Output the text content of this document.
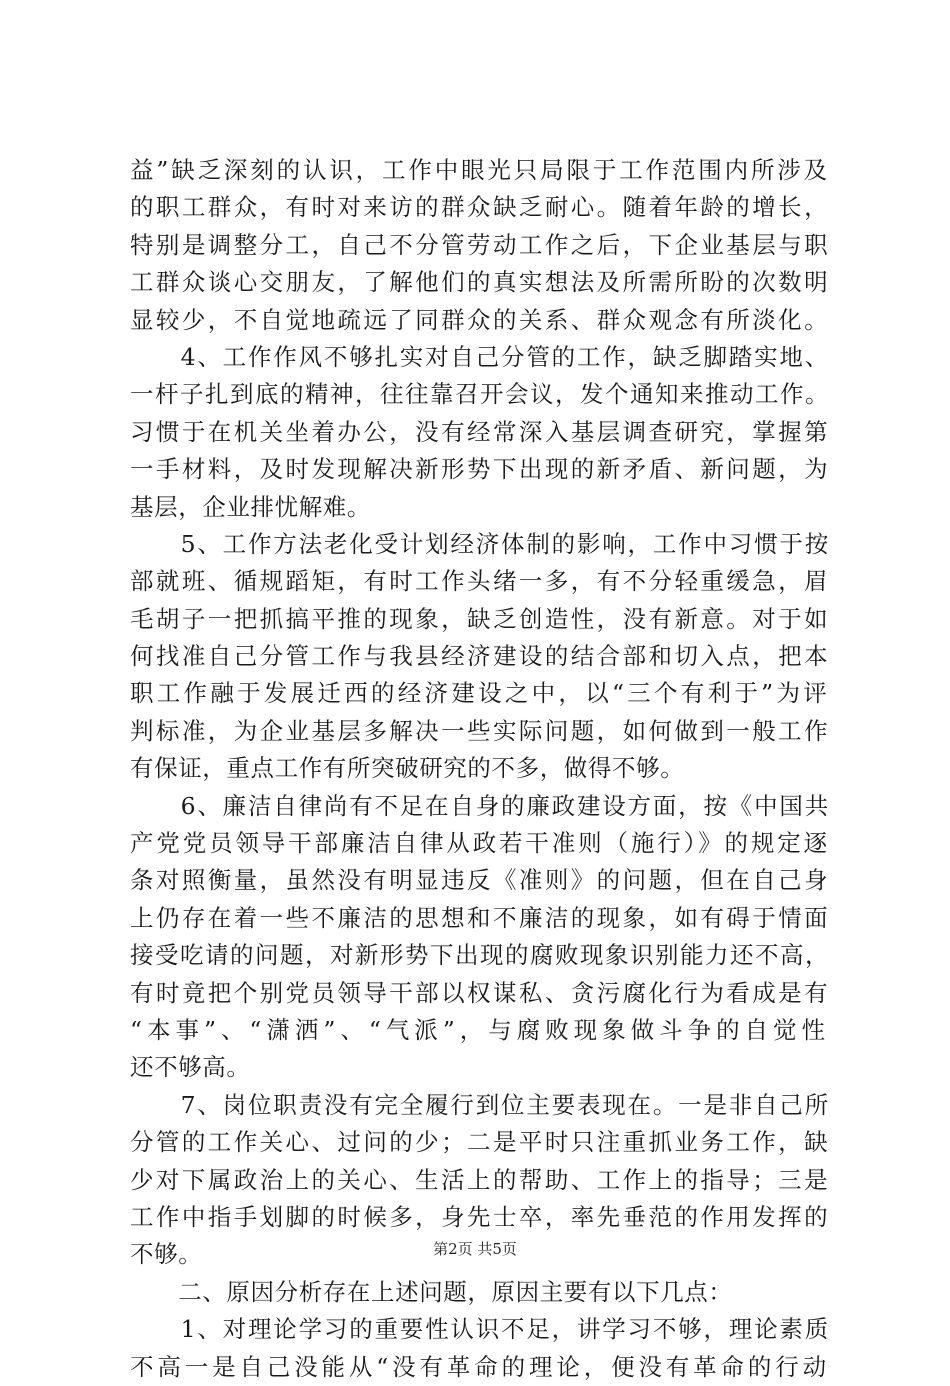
益”缺乏深刻的认识，工作中眼光只局限于工作范围内所涉及
的职工群众，有时对来访的群众缺乏耐心。随着年龄的增长，
特别是调整分工，自己不分管劳动工作之后，下企业基层与职
工群众谈心交朋友，了解他们的真实想法及所需所盼的次数明
显较少，不自觉地疏远了同群众的关系、群众观念有所淡化。
　　4、工作作风不够扎实对自己分管的工作，缺乏脚踏实地、
一杆子扎到底的精神，往往靠召开会议，发个通知来推动工作。
习惯于在机关坐着办公，没有经常深入基层调查研究，掌握第
一手材料，及时发现解决新形势下出现的新矛盾、新问题，为
基层，企业排忧解难。
　　5、工作方法老化受计划经济体制的影响，工作中习惯于按
部就班、循规蹈矩，有时工作头绪一多，有不分轻重缓急，眉
毛胡子一把抓搞平推的现象，缺乏创造性，没有新意。对于如
何找准自己分管工作与我县经济建设的结合部和切入点，把本
职工作融于发展迁西的经济建设之中，以“三个有利于”为评
判标准，为企业基层多解决一些实际问题，如何做到一般工作
有保证，重点工作有所突破研究的不多，做得不够。
　　6、廉洁自律尚有不足在自身的廉政建设方面，按《中国共
产党党员领导干部廉洁自律从政若干准则（施行）》的规定逐
条对照衡量，虽然没有明显违反《准则》的问题，但在自己身
上仍存在着一些不廉洁的思想和不廉洁的现象，如有碍于情面
接受吃请的问题，对新形势下出现的腐败现象识别能力还不高，
有时竟把个别党员领导干部以权谋私、贪污腐化行为看成是有
“本事”、“潇洒”、“气派”，与腐败现象做斗争的自觉性
还不够高。
　　7、岗位职责没有完全履行到位主要表现在。一是非自己所
分管的工作关心、过问的少；二是平时只注重抓业务工作，缺
少对下属政治上的关心、生活上的帮助、工作上的指导；三是
工作中指手划脚的时候多，身先士卒，率先垂范的作用发挥的
不够。
　　二、原因分析存在上述问题，原因主要有以下几点：
　　1、对理论学习的重要性认识不足，讲学习不够，理论素质
不高一是自己没能从“没有革命的理论，便没有革命的行动
第2页 共5页
